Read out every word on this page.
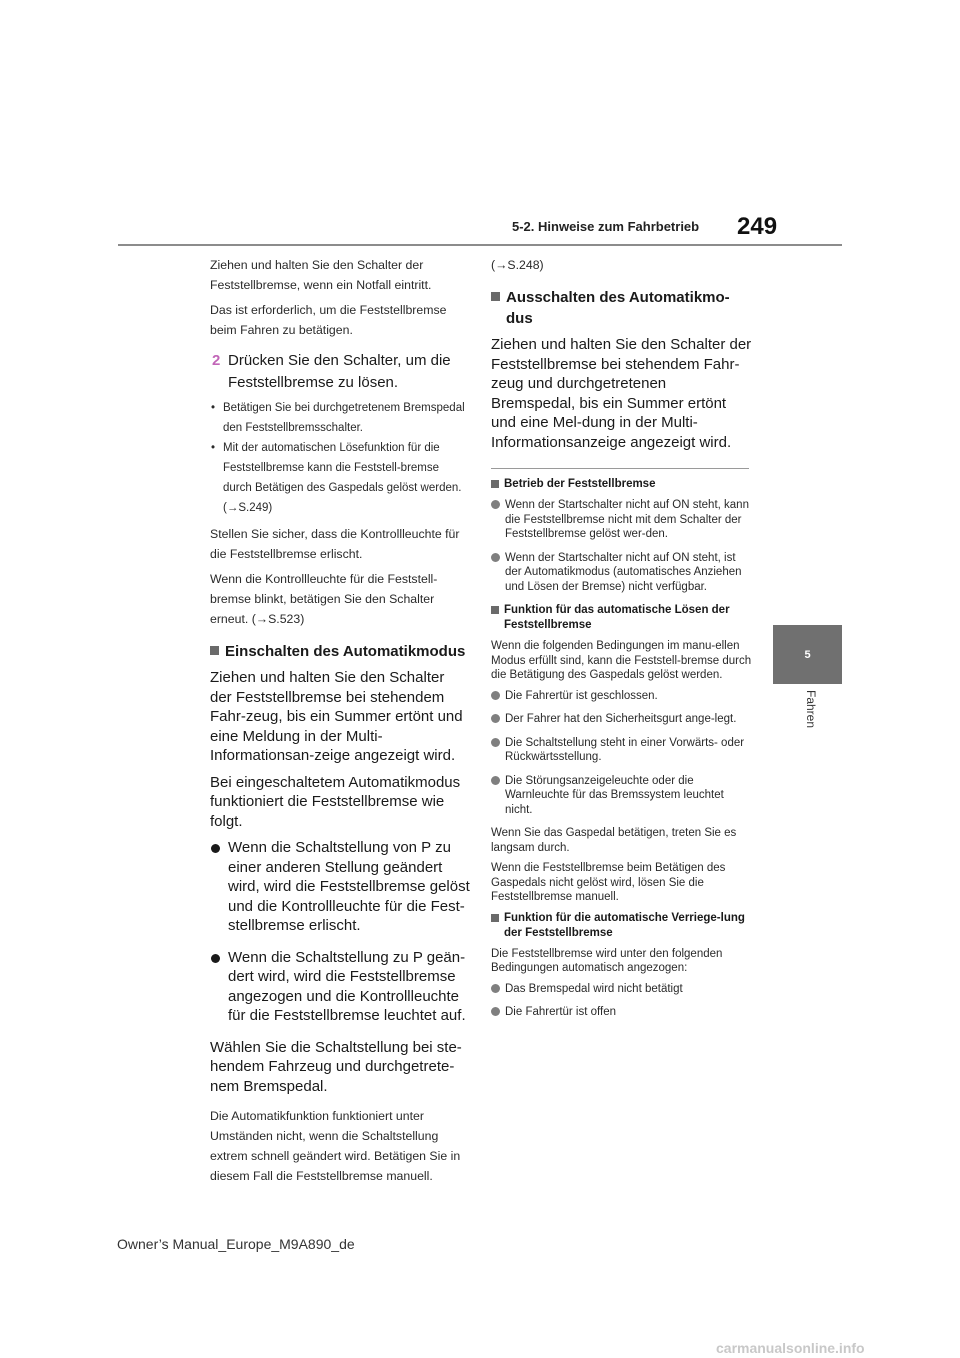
5-2. Hinweise zum Fahrbetrieb 249
5
Fahren

Ziehen und halten Sie den Schalter der Feststellbremse, wenn ein Notfall eintritt.

Das ist erforderlich, um die Feststellbremse beim Fahren zu betätigen.

2 Drücken Sie den Schalter, um die Feststellbremse zu lösen.

• Betätigen Sie bei durchgetretenem Bremspedal den Feststellbremsschalter.

• Mit der automatischen Lösefunktion für die Feststellbremse kann die Feststell-bremse durch Betätigen des Gaspedals gelöst werden. (→S.249)

Stellen Sie sicher, dass die Kontrollleuchte für die Feststellbremse erlischt.

Wenn die Kontrollleuchte für die Feststell-bremse blinkt, betätigen Sie den Schalter erneut. (→S.523)

Einschalten des Automatikmodus

Ziehen und halten Sie den Schalter der Feststellbremse bei stehendem Fahr-zeug, bis ein Summer ertönt und eine Meldung in der Multi-Informationsan-zeige angezeigt wird.

Bei eingeschaltetem Automatikmodus funktioniert die Feststellbremse wie folgt.

Wenn die Schaltstellung von P zu einer anderen Stellung geändert wird, wird die Feststellbremse gelöst und die Kontrollleuchte für die Fest-stellbremse erlischt.
Wenn die Schaltstellung zu P geän-dert wird, wird die Feststellbremse angezogen und die Kontrollleuchte für die Feststellbremse leuchtet auf.

Wählen Sie die Schaltstellung bei ste-hendem Fahrzeug und durchgetrete-nem Bremspedal.

Die Automatikfunktion funktioniert unter Umständen nicht, wenn die Schaltstellung extrem schnell geändert wird. Betätigen Sie in diesem Fall die Feststellbremse manuell.

(→S.248)

Ausschalten des Automatikmo-dus

Ziehen und halten Sie den Schalter der Feststellbremse bei stehendem Fahr-zeug und durchgetretenen Bremspedal, bis ein Summer ertönt und eine Mel-dung in der Multi-Informationsanzeige angezeigt wird.

Betrieb der Feststellbremse
Wenn der Startschalter nicht auf ON steht, kann die Feststellbremse nicht mit dem Schalter der Feststellbremse gelöst wer-den.
Wenn der Startschalter nicht auf ON steht, ist der Automatikmodus (automatisches Anziehen und Lösen der Bremse) nicht verfügbar.
Funktion für das automatische Lösen der Feststellbremse
Wenn die folgenden Bedingungen im manu-ellen Modus erfüllt sind, kann die Feststell-bremse durch die Betätigung des Gaspedals gelöst werden.
Die Fahrertür ist geschlossen.
Der Fahrer hat den Sicherheitsgurt ange-legt.
Die Schaltstellung steht in einer Vorwärts- oder Rückwärtsstellung.
Die Störungsanzeigeleuchte oder die Warnleuchte für das Bremssystem leuchtet nicht.
Wenn Sie das Gaspedal betätigen, treten Sie es langsam durch.
Wenn die Feststellbremse beim Betätigen des Gaspedals nicht gelöst wird, lösen Sie die Feststellbremse manuell.
Funktion für die automatische Verriege-lung der Feststellbremse
Die Feststellbremse wird unter den folgenden Bedingungen automatisch angezogen:
Das Bremspedal wird nicht betätigt
Die Fahrertür ist offen
Owner’s Manual_Europe_M9A890_de
carmanualsonline.info
